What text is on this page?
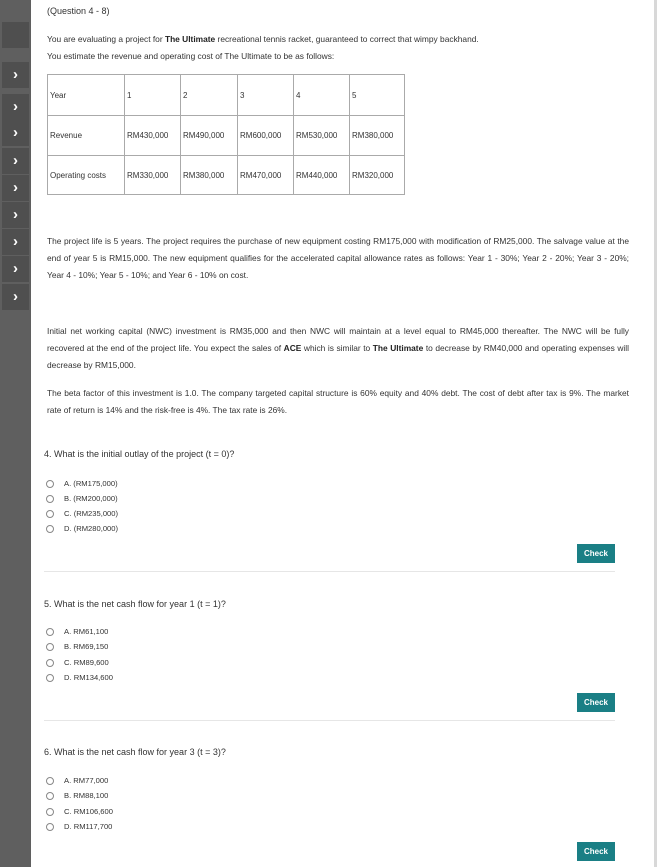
›
›
›
›
›
›
›
›
›
(Question 4 - 8)

You are evaluating a project for The Ultimate recreational tennis racket, guaranteed to correct that wimpy backhand.
You estimate the revenue and operating cost of The Ultimate to be as follows:

Year	1	2	3	4	5
Revenue	RM430,000	RM490,000	RM600,000	RM530,000	RM380,000
Operating costs	RM330,000	RM380,000	RM470,000	RM440,000	RM320,000

The project life is 5 years. The project requires the purchase of new equipment costing RM175,000 with modification of RM25,000. The salvage value at the end of year 5 is RM15,000. The new equipment qualifies for the accelerated capital allowance rates as follows: Year 1 - 30%; Year 2 - 20%; Year 3 - 20%; Year 4 - 10%; Year 5 - 10%; and Year 6 - 10% on cost.

Initial net working capital (NWC) investment is RM35,000 and then NWC will maintain at a level equal to RM45,000 thereafter. The NWC will be fully recovered at the end of the project life. You expect the sales of ACE which is similar to The Ultimate to decrease by RM40,000 and operating expenses will decrease by RM15,000.

The beta factor of this investment is 1.0. The company targeted capital structure is 60% equity and 40% debt. The cost of debt after tax is 9%. The market rate of return is 14% and the risk-free is 4%. The tax rate is 26%.

4. What is the initial outlay of the project (t = 0)?
A. (RM175,000)
B. (RM200,000)
C. (RM235,000)
D. (RM280,000)
Check
5. What is the net cash flow for year 1 (t = 1)?
A. RM61,100
B. RM69,150
C. RM89,600
D. RM134,600
Check
6. What is the net cash flow for year 3 (t = 3)?
A. RM77,000
B. RM88,100
C. RM106,600
D. RM117,700
Check
